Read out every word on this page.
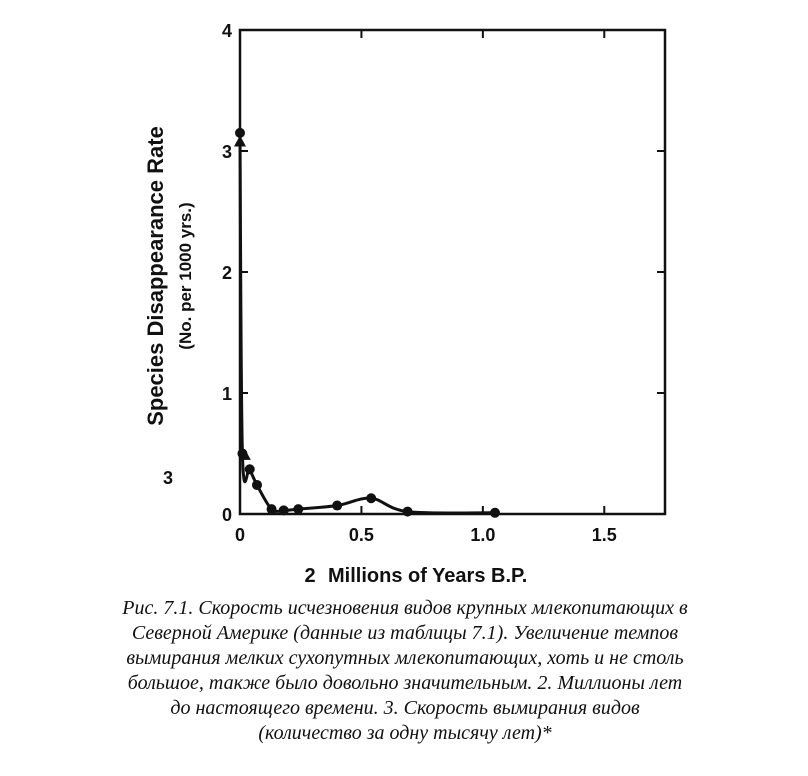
0
1
2
3
4
0	0.5	1.0	1.5
Species Disappearance Rate (No. per 1000 yrs.)
3
2 Millions of Years B.P.
Рис. 7.1. Скорость исчезновения видов крупных млекопитающих в
Северной Америке (данные из таблицы 7.1). Увеличение темпов
вымирания мелких сухопутных млекопитающих, хоть и не столь
большое, также было довольно значительным. 2. Миллионы лет
до настоящего времени. 3. Скорость вымирания видов
(количество за одну тысячу лет)*
